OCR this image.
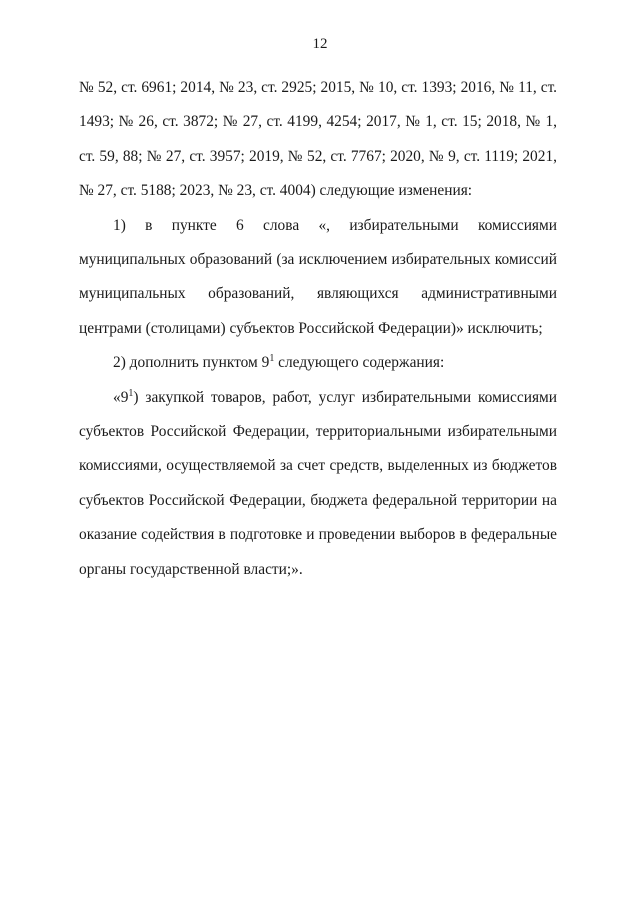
12

№ 52, ст. 6961; 2014, № 23, ст. 2925; 2015, № 10, ст. 1393; 2016, № 11, ст. 1493; № 26, ст. 3872; № 27, ст. 4199, 4254; 2017, № 1, ст. 15; 2018, № 1, ст. 59, 88; № 27, ст. 3957; 2019, № 52, ст. 7767; 2020, № 9, ст. 1119; 2021, № 27, ст. 5188; 2023, № 23, ст. 4004) следующие изменения:

1) в пункте 6 слова «, избирательными комиссиями муниципальных образований (за исключением избирательных комиссий муниципальных образований, являющихся административными центрами (столицами) субъектов Российской Федерации)» исключить;

2) дополнить пунктом $9^1$ следующего содержания:

«$9^1$) закупкой товаров, работ, услуг избирательными комиссиями субъектов Российской Федерации, территориальными избирательными комиссиями, осуществляемой за счет средств, выделенных из бюджетов субъектов Российской Федерации, бюджета федеральной территории на оказание содействия в подготовке и проведении выборов в федеральные органы государственной власти;».
